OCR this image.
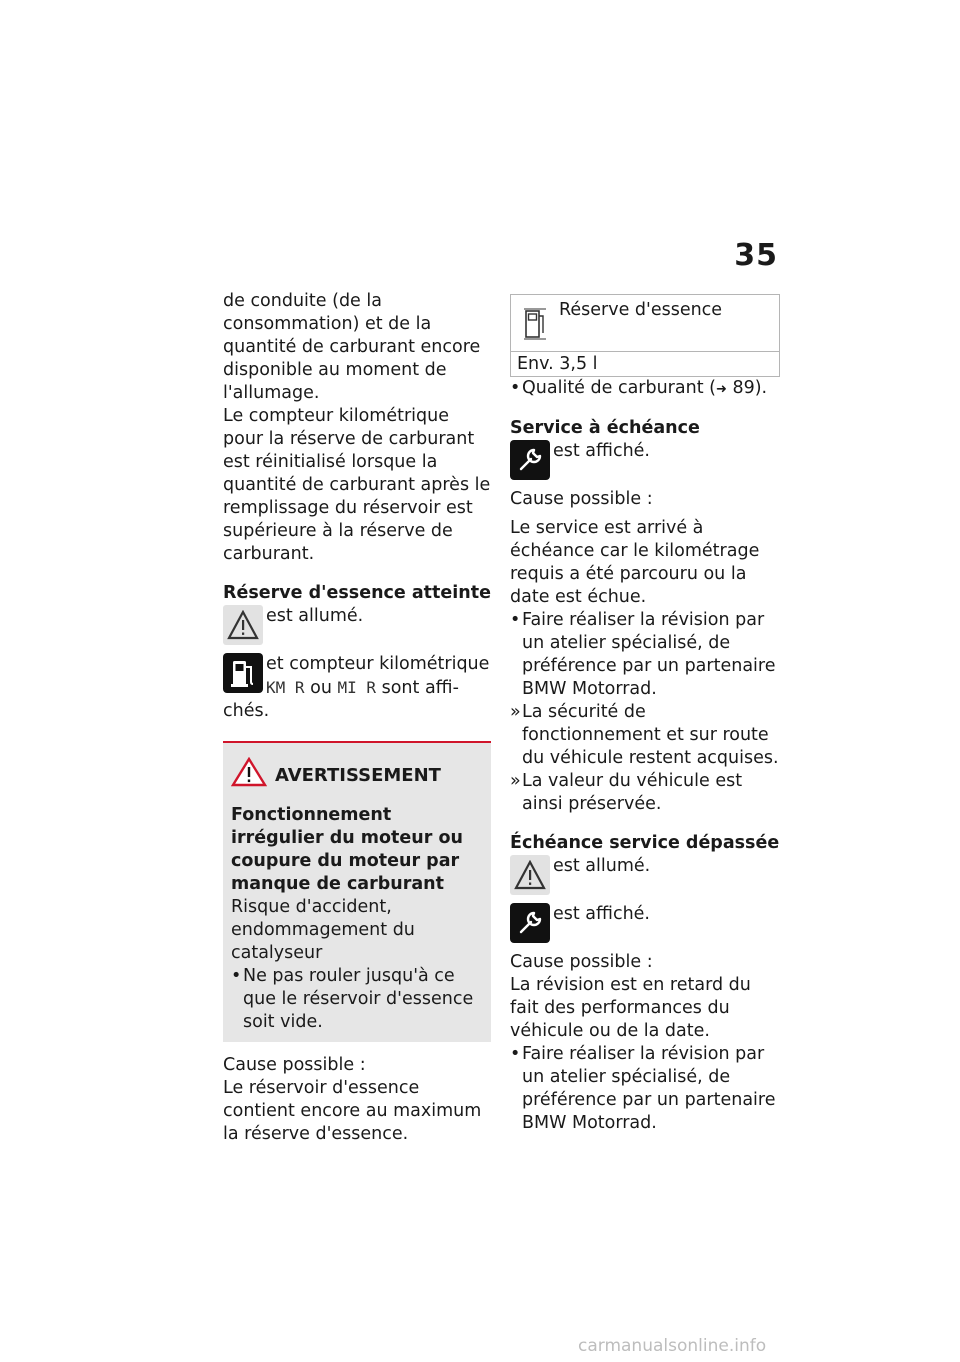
35

de conduite (de la consommation) et de la quantité de carburant encore disponible au moment de l'allumage.

Le compteur kilométrique pour la réserve de carburant est réinitialisé lorsque la quantité de carburant après le remplissage du réservoir est supérieure à la réserve de carburant.

Réserve d'essence atteinte
est allumé.
et compteur kilométrique
KM R ou MI R sont affi-

chés.

AVERTISSEMENT
Fonctionnement irrégulier du moteur ou coupure du moteur par manque de carburant

Risque d'accident, endommagement du catalyseur

• Ne pas rouler jusqu'à ce que le réservoir d'essence soit vide.

Cause possible :

Le réservoir d'essence contient encore au maximum la réserve d'essence.

Réserve d'essence
Env. 3,5 l
• Qualité de carburant (➜ 89).
Service à échéance
est affiché.

Cause possible :

Le service est arrivé à échéance car le kilométrage requis a été parcouru ou la date est échue.

• Faire réaliser la révision par un atelier spécialisé, de préférence par un partenaire BMW Motorrad.
» La sécurité de fonctionnement et sur route du véhicule restent acquises.
» La valeur du véhicule est ainsi préservée.
Échéance service dépassée
est allumé.
est affiché.

Cause possible :

La révision est en retard du fait des performances du véhicule ou de la date.

• Faire réaliser la révision par un atelier spécialisé, de préférence par un partenaire BMW Motorrad.
carmanualsonline.info
